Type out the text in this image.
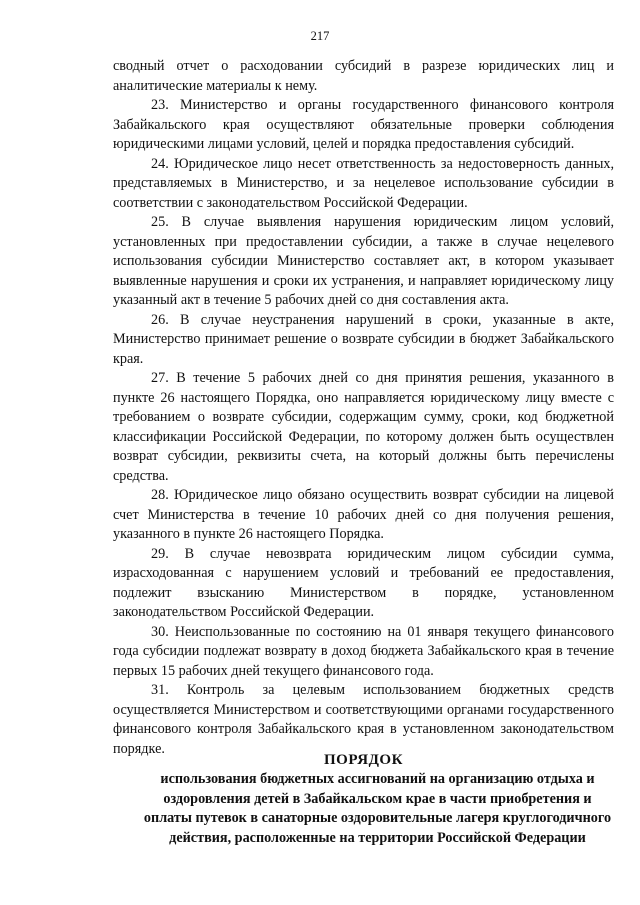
217

сводный отчет о расходовании субсидий в разрезе юридических лиц и аналитические материалы к нему.

23. Министерство и органы государственного финансового контроля Забайкальского края осуществляют обязательные проверки соблюдения юридическими лицами условий, целей и порядка предоставления субсидий.

24. Юридическое лицо несет ответственность за недостоверность данных, представляемых в Министерство, и за нецелевое использование субсидии в соответствии с законодательством Российской Федерации.

25. В случае выявления нарушения юридическим лицом условий, установленных при предоставлении субсидии, а также в случае нецелевого использования субсидии Министерство составляет акт, в котором указывает выявленные нарушения и сроки их устранения, и направляет юридическому лицу указанный акт в течение 5 рабочих дней со дня составления акта.

26. В случае неустранения нарушений в сроки, указанные в акте, Министерство принимает решение о возврате субсидии в бюджет Забайкальского края.

27. В течение 5 рабочих дней со дня принятия решения, указанного в пункте 26 настоящего Порядка, оно направляется юридическому лицу вместе с требованием о возврате субсидии, содержащим сумму, сроки, код бюджетной классификации Российской Федерации, по которому должен быть осуществлен возврат субсидии, реквизиты счета, на который должны быть перечислены средства.

28. Юридическое лицо обязано осуществить возврат субсидии на лицевой счет Министерства в течение 10 рабочих дней со дня получения решения, указанного в пункте 26 настоящего Порядка.

29. В случае невозврата юридическим лицом субсидии сумма, израсходованная с нарушением условий и требований ее предоставления, подлежит взысканию Министерством в порядке, установленном законодательством Российской Федерации.

30. Неиспользованные по состоянию на 01 января текущего финансового года субсидии подлежат возврату в доход бюджета Забайкальского края в течение первых 15 рабочих дней текущего финансового года.

31. Контроль за целевым использованием бюджетных средств осуществляется Министерством и соответствующими органами государственного финансового контроля Забайкальского края в установленном законодательством порядке.

ПОРЯДОК
использования бюджетных ассигнований на организацию отдыха и оздоровления детей в Забайкальском крае в части приобретения и оплаты путевок в санаторные оздоровительные лагеря круглогодичного действия, расположенные на территории Российской Федерации
